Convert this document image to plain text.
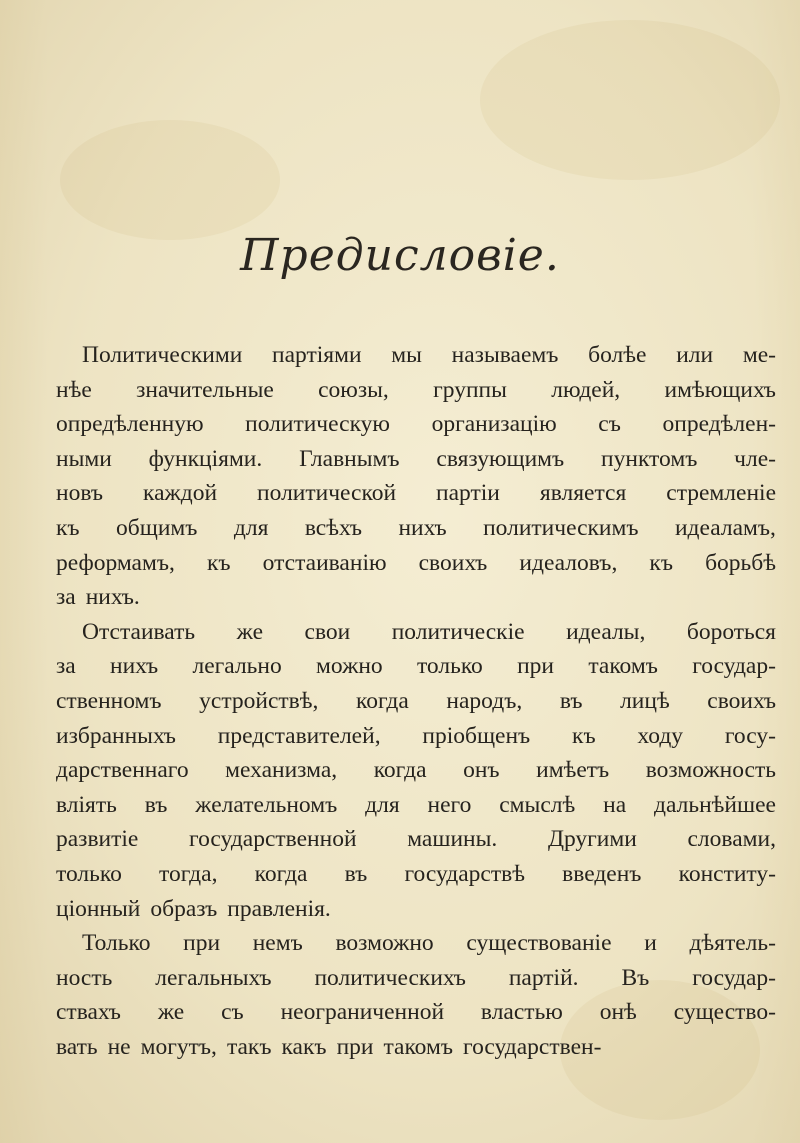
Предисловіе.
Политическими партіями мы называемъ болѣе или ме-
нѣе значительные союзы, группы людей, имѣющихъ
опредѣленную политическую организацію съ опредѣлен-
ными функціями. Главнымъ связующимъ пунктомъ чле-
новъ каждой политической партіи является стремленіе
къ общимъ для всѣхъ нихъ политическимъ идеаламъ,
реформамъ, къ отстаиванію своихъ идеаловъ, къ борьбѣ
за нихъ.
Отстаивать же свои политическіе идеалы, бороться
за нихъ легально можно только при такомъ государ-
ственномъ устройствѣ, когда народъ, въ лицѣ своихъ
избранныхъ представителей, пріобщенъ къ ходу госу-
дарственнаго механизма, когда онъ имѣетъ возможность
вліять въ желательномъ для него смыслѣ на дальнѣйшее
развитіе государственной машины. Другими словами,
только тогда, когда въ государствѣ введенъ конститу-
ціонный образъ правленія.
Только при немъ возможно существованіе и дѣятель-
ность легальныхъ политическихъ партій. Въ государ-
ствахъ же съ неограниченной властью онѣ существо-
вать не могутъ, такъ какъ при такомъ государствен-
